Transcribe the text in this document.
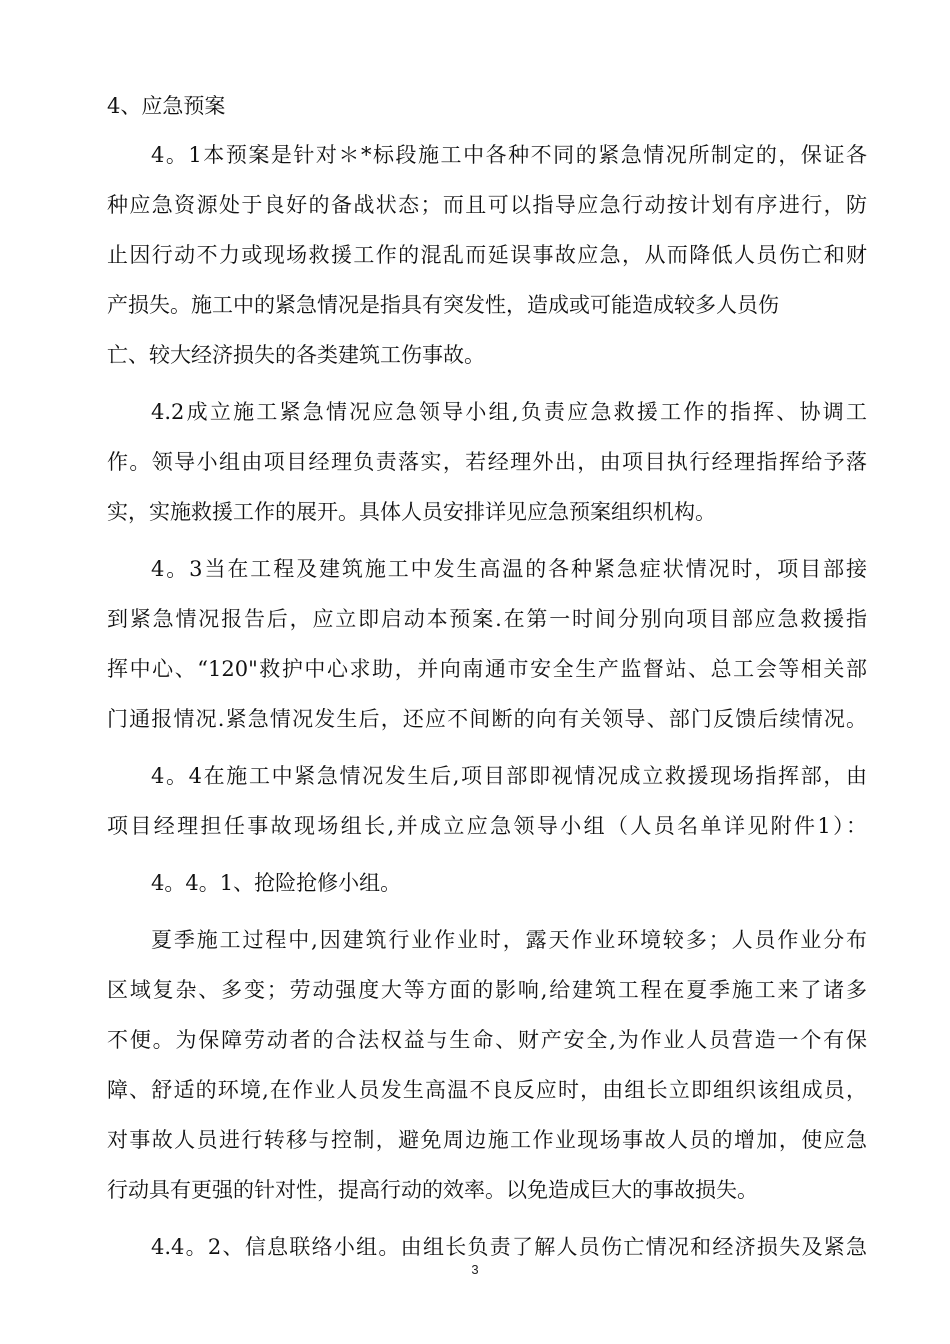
4、应急预案
4。1本预案是针对＊*标段施工中各种不同的紧急情况所制定的，保证各
种应急资源处于良好的备战状态；而且可以指导应急行动按计划有序进行，防
止因行动不力或现场救援工作的混乱而延误事故应急，从而降低人员伤亡和财
产损失。施工中的紧急情况是指具有突发性，造成或可能造成较多人员伤
亡、较大经济损失的各类建筑工伤事故。
4.2成立施工紧急情况应急领导小组,负责应急救援工作的指挥、协调工
作。领导小组由项目经理负责落实，若经理外出，由项目执行经理指挥给予落
实，实施救援工作的展开。具体人员安排详见应急预案组织机构。
4。3当在工程及建筑施工中发生高温的各种紧急症状情况时，项目部接
到紧急情况报告后，应立即启动本预案.在第一时间分别向项目部应急救援指
挥中心、“120"救护中心求助，并向南通市安全生产监督站、总工会等相关部
门通报情况.紧急情况发生后，还应不间断的向有关领导、部门反馈后续情况。
4。4在施工中紧急情况发生后,项目部即视情况成立救援现场指挥部，由
项目经理担任事故现场组长,并成立应急领导小组（人员名单详见附件1）：
4。4。1、抢险抢修小组。
夏季施工过程中,因建筑行业作业时，露天作业环境较多；人员作业分布
区域复杂、多变；劳动强度大等方面的影响,给建筑工程在夏季施工来了诸多
不便。为保障劳动者的合法权益与生命、财产安全,为作业人员营造一个有保
障、舒适的环境,在作业人员发生高温不良反应时，由组长立即组织该组成员，
对事故人员进行转移与控制，避免周边施工作业现场事故人员的增加，使应急
行动具有更强的针对性，提高行动的效率。以免造成巨大的事故损失。
4.4。2、信息联络小组。由组长负责了解人员伤亡情况和经济损失及紧急
3
